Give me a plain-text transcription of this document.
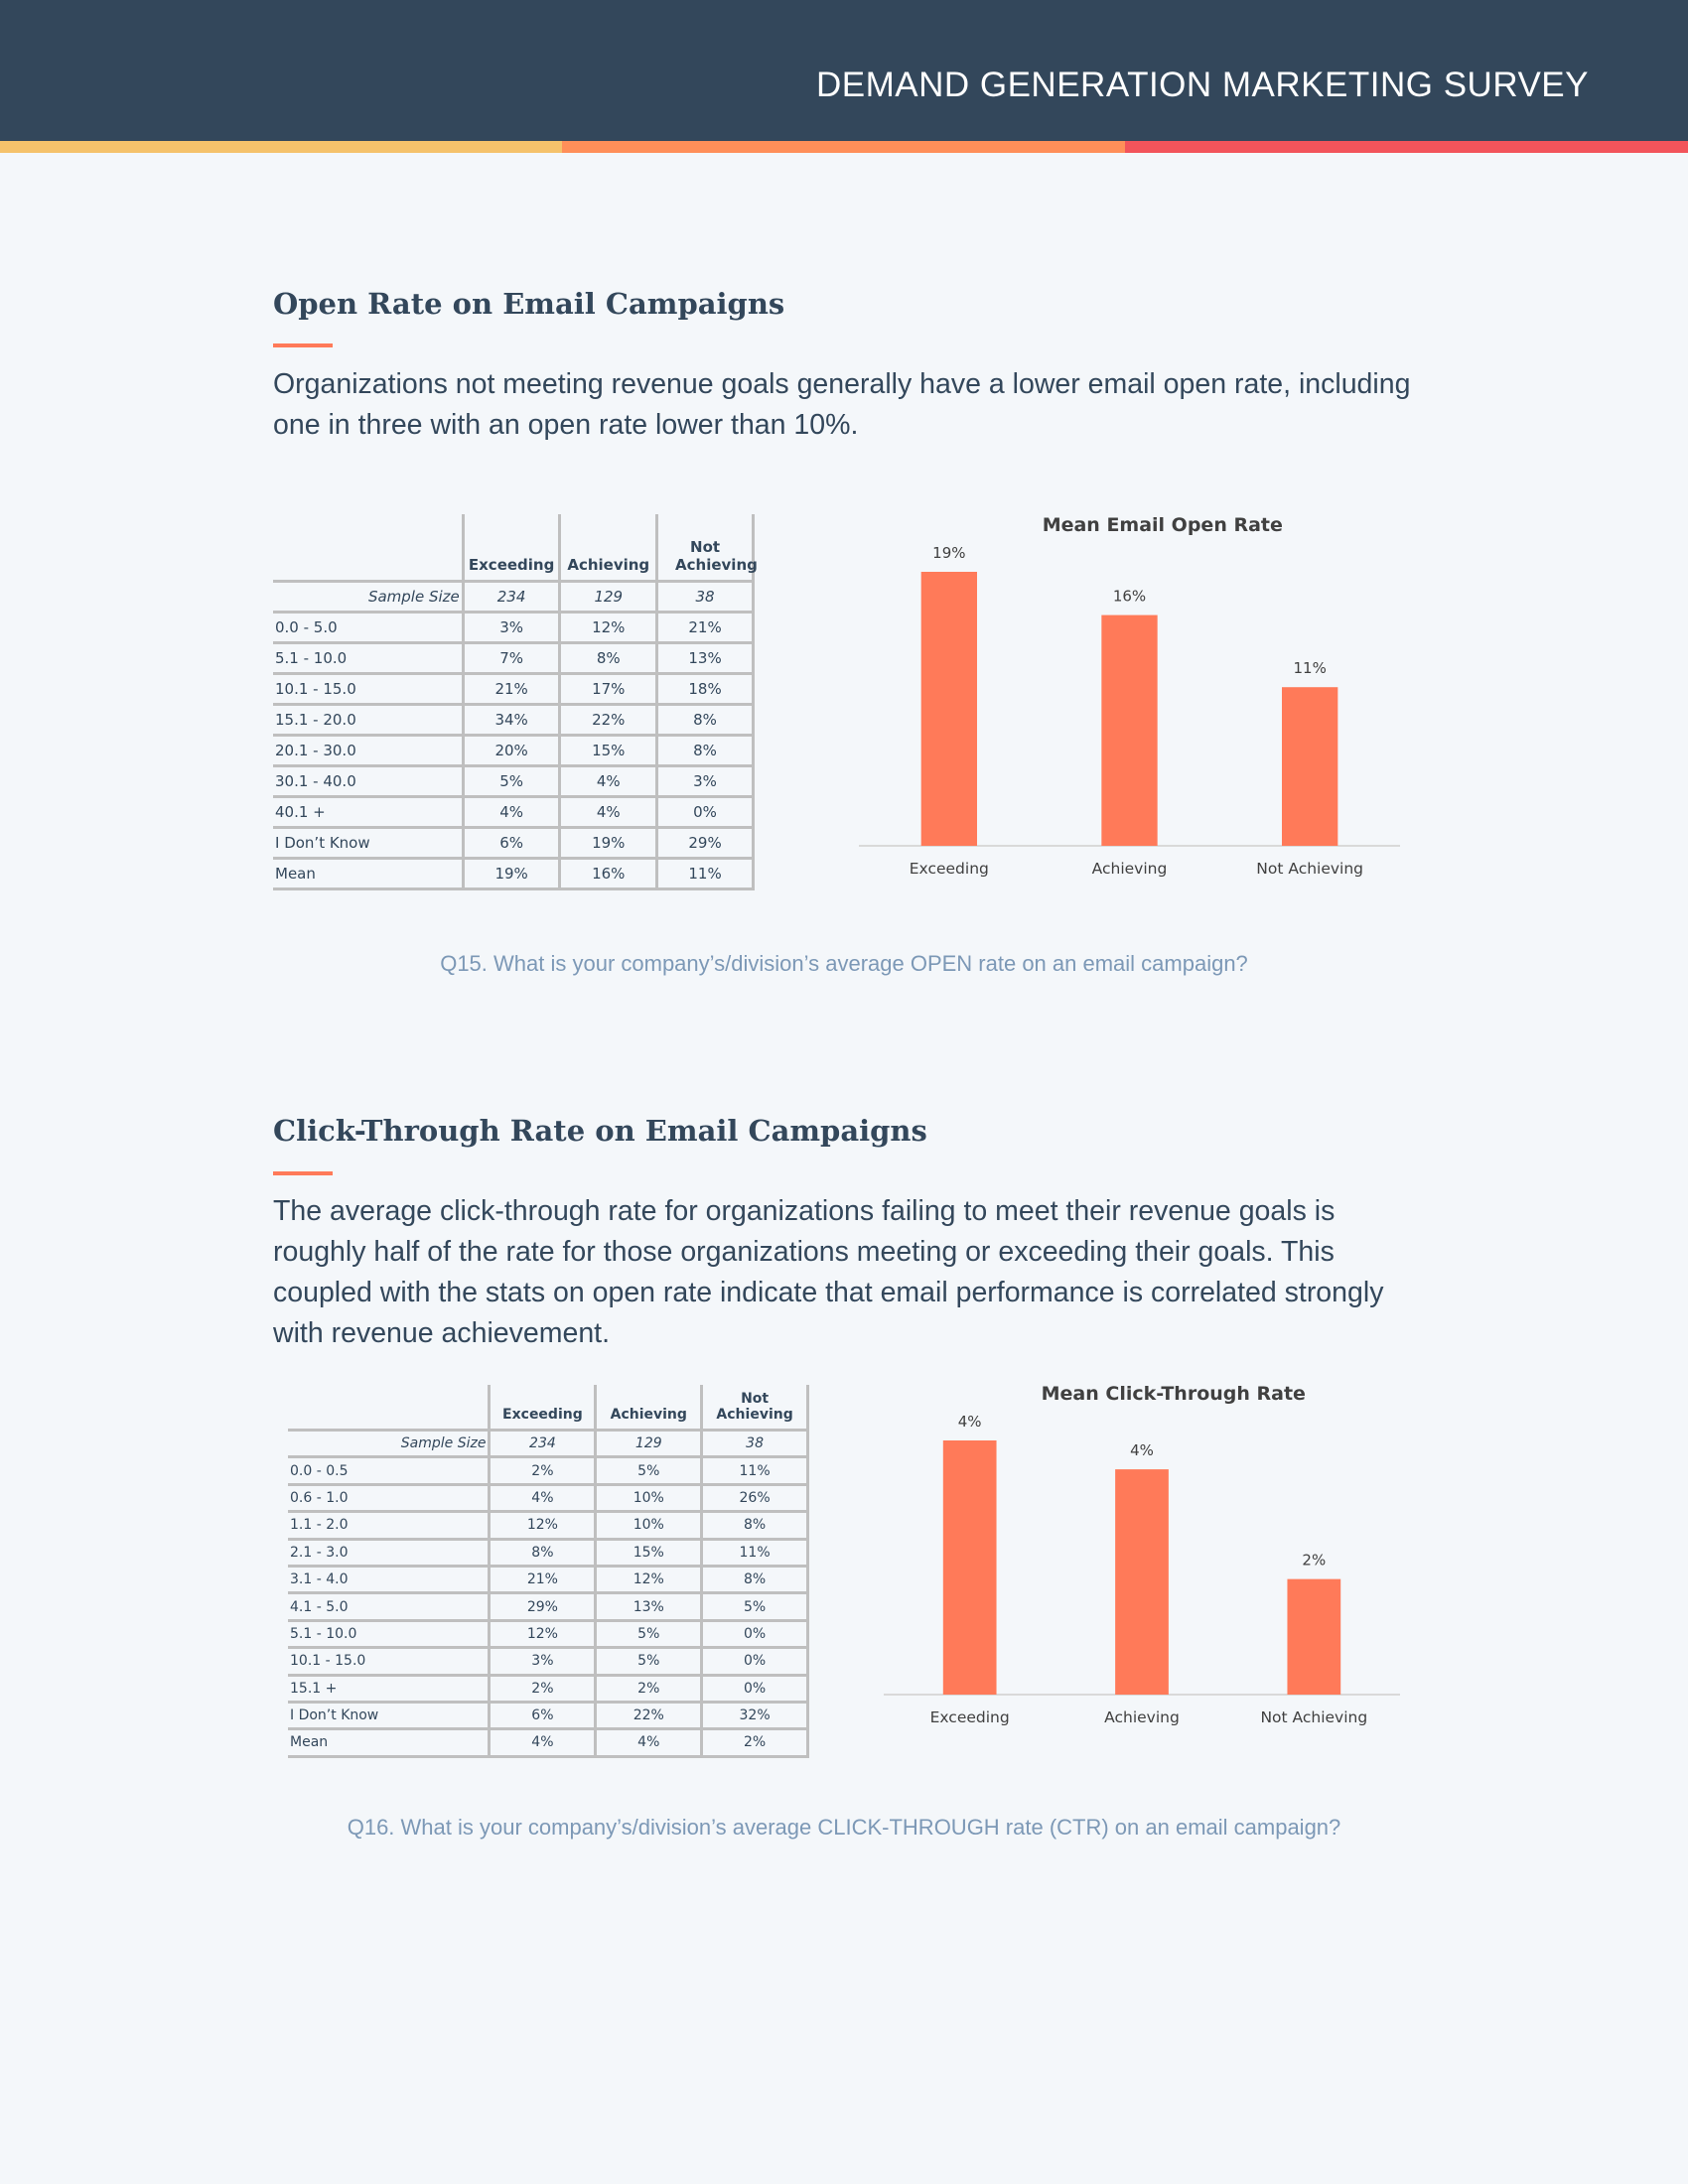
DEMAND GENERATION MARKETING SURVEY
Open Rate on Email Campaigns

Organizations not meeting revenue goals generally have a lower email open rate, including one in three with an open rate lower than 10%.

	Exceeding	Achieving	Not Achieving
Sample Size	234	129	38
0.0 - 5.0	3%	12%	21%
5.1 - 10.0	7%	8%	13%
10.1 - 15.0	21%	17%	18%
15.1 - 20.0	34%	22%	8%
20.1 - 30.0	20%	15%	8%
30.1 - 40.0	5%	4%	3%
40.1 +	4%	4%	0%
I Don’t Know	6%	19%	29%
Mean	19%	16%	11%
Mean Email Open Rate
19%
Exceeding
16%
Achieving
11%
Not Achieving

Q15. What is your company’s/division’s average OPEN rate on an email campaign?

Click-Through Rate on Email Campaigns

The average click-through rate for organizations failing to meet their revenue goals is roughly half of the rate for those organizations meeting or exceeding their goals. This coupled with the stats on open rate indicate that email performance is correlated strongly with revenue achievement.

	Exceeding	Achieving	Not Achieving
Sample Size	234	129	38
0.0 - 0.5	2%	5%	11%
0.6 - 1.0	4%	10%	26%
1.1 - 2.0	12%	10%	8%
2.1 - 3.0	8%	15%	11%
3.1 - 4.0	21%	12%	8%
4.1 - 5.0	29%	13%	5%
5.1 - 10.0	12%	5%	0%
10.1 - 15.0	3%	5%	0%
15.1 +	2%	2%	0%
I Don’t Know	6%	22%	32%
Mean	4%	4%	2%
Mean Click-Through Rate
4%
Exceeding
4%
Achieving
2%
Not Achieving

Q16. What is your company’s/division’s average CLICK-THROUGH rate (CTR) on an email campaign?
